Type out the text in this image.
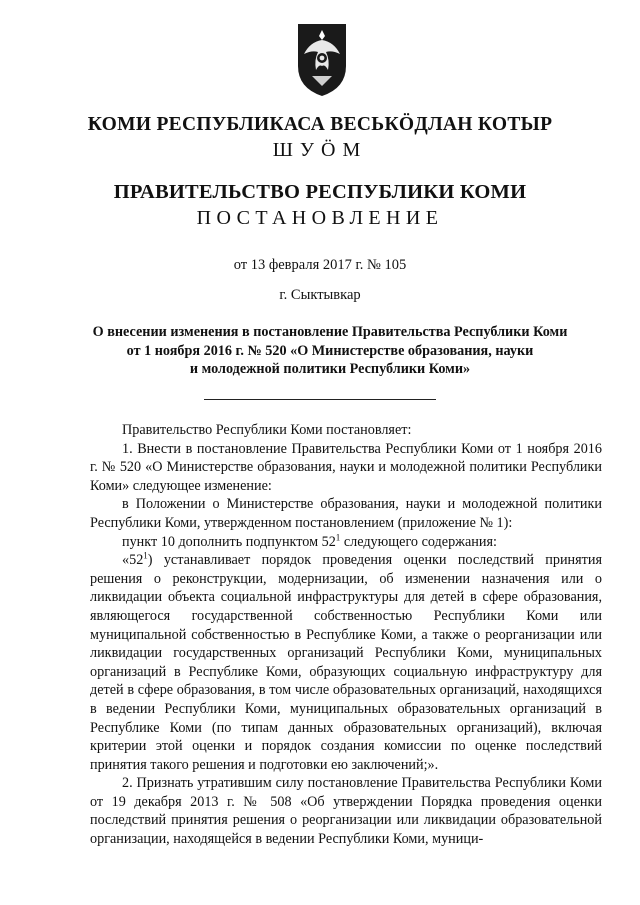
КОМИ РЕСПУБЛИКАСА ВЕСЬКӦДЛАН КОТЫР
ШУӦМ
ПРАВИТЕЛЬСТВО РЕСПУБЛИКИ КОМИ
ПОСТАНОВЛЕНИЕ
от 13 февраля 2017 г. № 105
г. Сыктывкар
О внесении изменения в постановление Правительства Республики Коми
от 1 ноября 2016 г. № 520 «О Министерстве образования, науки
и молодежной политики Республики Коми»

Правительство Республики Коми постановляет:

1. Внести в постановление Правительства Республики Коми от 1 ноября 2016 г. № 520 «О Министерстве образования, науки и молодежной политики Республики Коми» следующее изменение:

в Положении о Министерстве образования, науки и молодежной политики Республики Коми, утвержденном постановлением (приложение № 1):

пункт 10 дополнить подпунктом $52^1$ следующего содержания:

«$52^1$) устанавливает порядок проведения оценки последствий принятия решения о реконструкции, модернизации, об изменении назначения или о ликвидации объекта социальной инфраструктуры для детей в сфере образования, являющегося государственной собственностью Республики Коми или муниципальной собственностью в Республике Коми, а также о реорганизации или ликвидации государственных организаций Республики Коми, муниципальных организаций в Республике Коми, образующих социальную инфраструктуру для детей в сфере образования, в том числе образовательных организаций, находящихся в ведении Республики Коми, муниципальных образовательных организаций в Республике Коми (по типам данных образовательных организаций), включая критерии этой оценки и порядок создания комиссии по оценке последствий принятия такого решения и подготовки ею заключений;».

2. Признать утратившим силу постановление Правительства Республики Коми от 19 декабря 2013 г. № 508 «Об утверждении Порядка проведения оценки последствий принятия решения о реорганизации или ликвидации образовательной организации, находящейся в ведении Республики Коми, муници-
